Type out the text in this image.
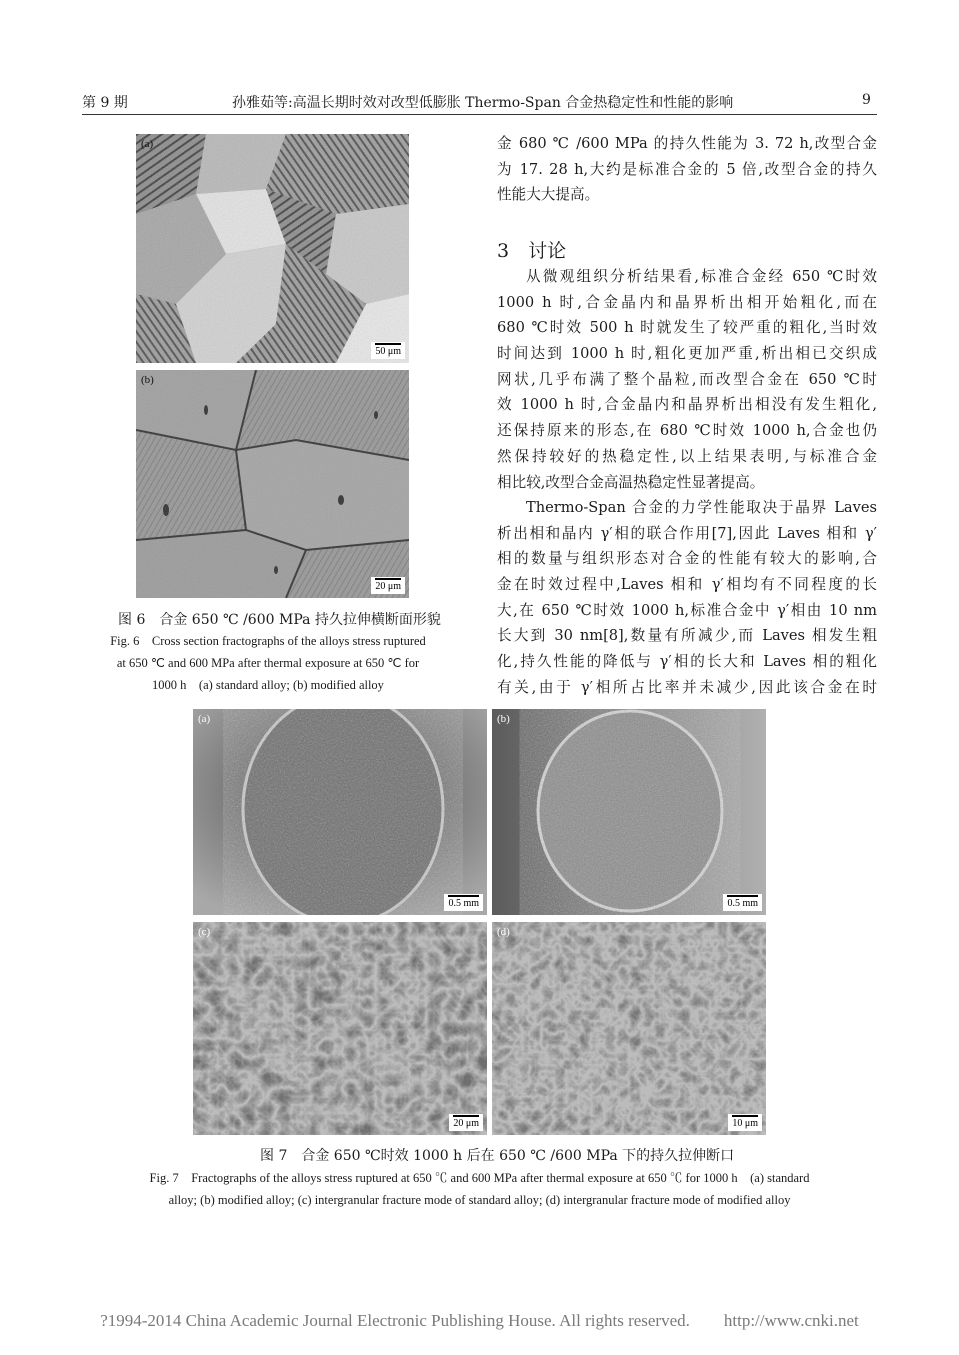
第 9 期	孙雅茹等:高温长期时效对改型低膨胀 Thermo-Span 合金热稳定性和性能的影响	9
(a)
50 μm
(b)
20 μm
图 6　合金 650 ℃ /600 MPa 持久拉伸横断面形貌
Fig. 6　Cross section fractographs of the alloys stress ruptured
at 650 ℃ and 600 MPa after thermal exposure at 650 ℃ for
1000 h　(a) standard alloy; (b) modified alloy
金 680 ℃ /600 MPa 的持久性能为 3. 72 h,改型合金
为 17. 28 h,大约是标准合金的 5 倍,改型合金的持久
性能大大提高。
3　讨论
从微观组织分析结果看,标准合金经 650 ℃时效
1000 h 时,合金晶内和晶界析出相开始粗化,而在
680 ℃时效 500 h 时就发生了较严重的粗化,当时效
时间达到 1000 h 时,粗化更加严重,析出相已交织成
网状,几乎布满了整个晶粒,而改型合金在 650 ℃时
效 1000 h 时,合金晶内和晶界析出相没有发生粗化,
还保持原来的形态,在 680 ℃时效 1000 h,合金也仍
然保持较好的热稳定性,以上结果表明,与标准合金
相比较,改型合金高温热稳定性显著提高。
Thermo-Span 合金的力学性能取决于晶界 Laves
析出相和晶内 γ′相的联合作用[7],因此 Laves 相和 γ′
相的数量与组织形态对合金的性能有较大的影响,合
金在时效过程中,Laves 相和 γ′相均有不同程度的长
大,在 650 ℃时效 1000 h,标准合金中 γ′相由 10 nm
长大到 30 nm[8],数量有所减少,而 Laves 相发生粗
化,持久性能的降低与 γ′相的长大和 Laves 相的粗化
有关,由于 γ′相所占比率并未减少,因此该合金在时
(a)
0.5 mm
(b)
0.5 mm
(c)
20 μm
(d)
10 μm
图 7　合金 650 ℃时效 1000 h 后在 650 ℃ /600 MPa 下的持久拉伸断口
Fig. 7　Fractographs of the alloys stress ruptured at 650 ℃ and 600 MPa after thermal exposure at 650 ℃ for 1000 h　(a) standard
alloy; (b) modified alloy; (c) intergranular fracture mode of standard alloy; (d) intergranular fracture mode of modified alloy
?1994-2014 China Academic Journal Electronic Publishing House. All rights reserved.　　http://www.cnki.net
